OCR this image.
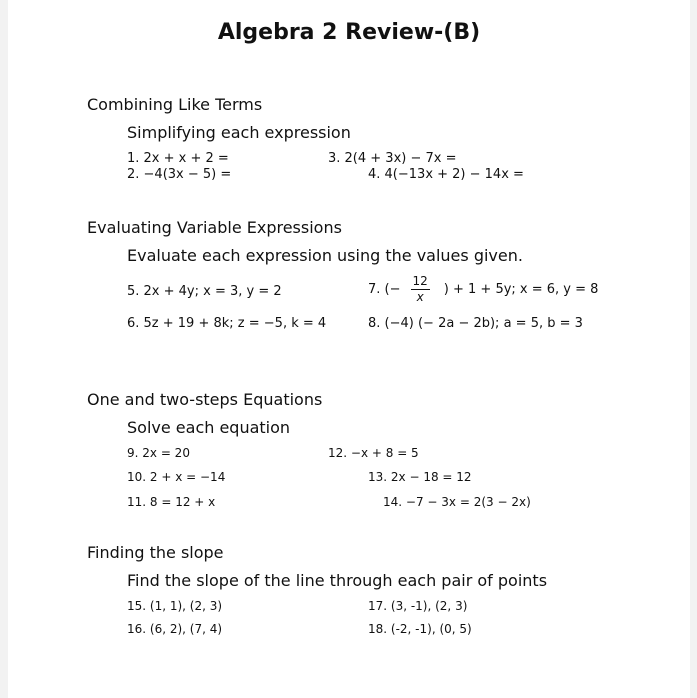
Algebra 2 Review-(B)
Combining Like Terms
Simplifying each expression
1. 2x + x + 2 =
2. −4(3x − 5) =
3. 2(4 + 3x) − 7x =
4. 4(−13x + 2) − 14x =
Evaluating Variable Expressions
Evaluate each expression using the values given.
5. 2x + 4y; x = 3, y = 2
6. 5z + 19 + 8k; z = −5, k = 4
7. (− $\frac{12}{x}$ ) + 1 + 5y; x = 6, y = 8
8. (−4) (− 2a − 2b); a = 5, b = 3
One and two-steps Equations
Solve each equation
9. 2x = 20
10. 2 + x = −14
11. 8 = 12 + x
12. −x + 8 = 5
13. 2x − 18 = 12
14. −7 − 3x = 2(3 − 2x)
Finding the slope
Find the slope of the line through each pair of points
15. (1, 1), (2, 3)
16. (6, 2), (7, 4)
17. (3, -1), (2, 3)
18. (-2, -1), (0, 5)
